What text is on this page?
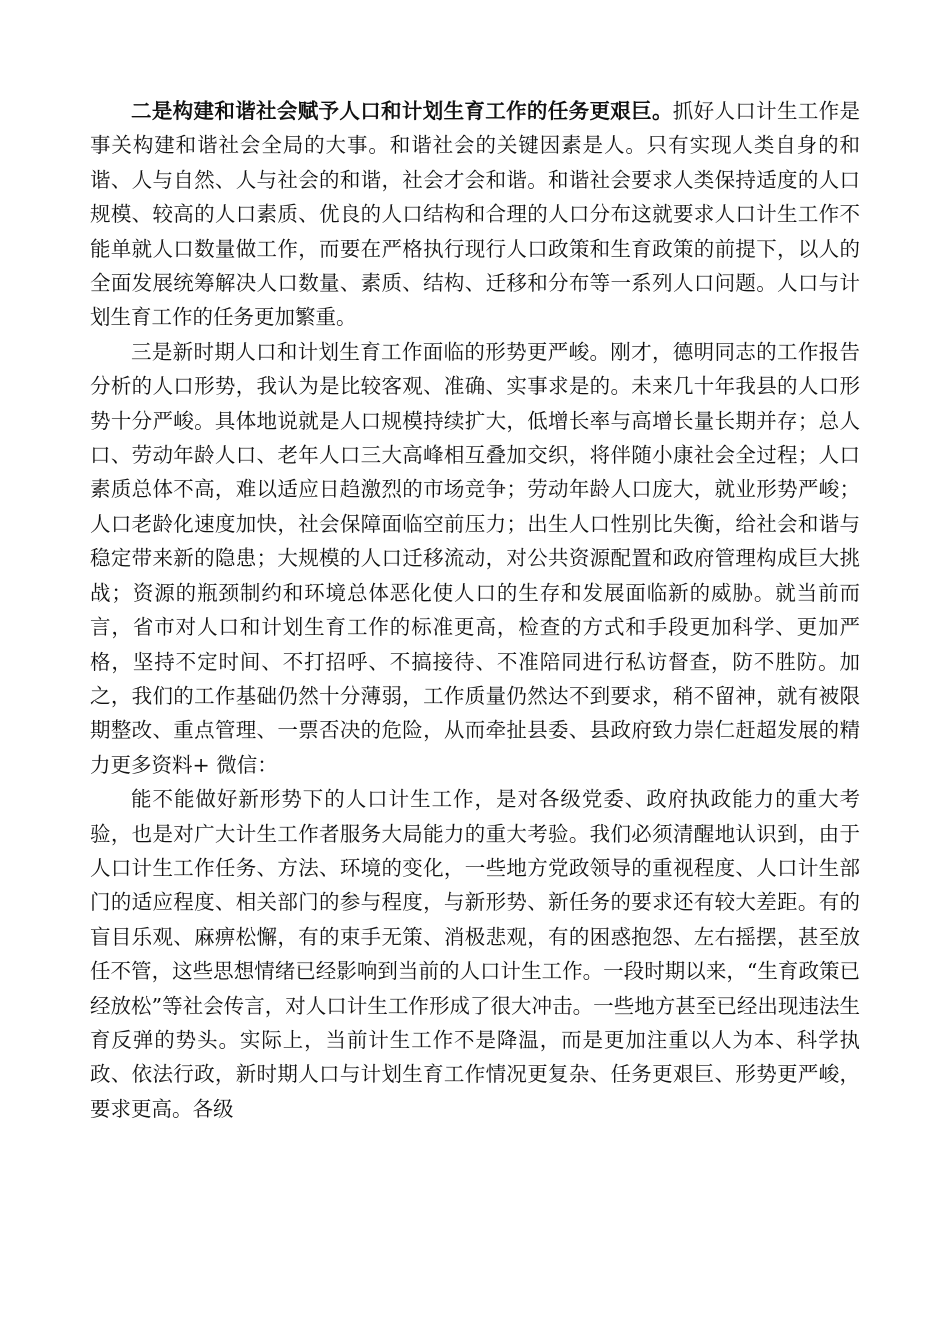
二是构建和谐社会赋予人口和计划生育工作的任务更艰巨。抓好人口计生工作是事关构建和谐社会全局的大事。和谐社会的关键因素是人。只有实现人类自身的和谐、人与自然、人与社会的和谐，社会才会和谐。和谐社会要求人类保持适度的人口规模、较高的人口素质、优良的人口结构和合理的人口分布这就要求人口计生工作不能单就人口数量做工作，而要在严格执行现行人口政策和生育政策的前提下，以人的全面发展统筹解决人口数量、素质、结构、迁移和分布等一系列人口问题。人口与计划生育工作的任务更加繁重。

三是新时期人口和计划生育工作面临的形势更严峻。刚才，德明同志的工作报告分析的人口形势，我认为是比较客观、准确、实事求是的。未来几十年我县的人口形势十分严峻。具体地说就是人口规模持续扩大，低增长率与高增长量长期并存；总人口、劳动年龄人口、老年人口三大高峰相互叠加交织，将伴随小康社会全过程；人口素质总体不高，难以适应日趋激烈的市场竞争；劳动年龄人口庞大，就业形势严峻；人口老龄化速度加快，社会保障面临空前压力；出生人口性别比失衡，给社会和谐与稳定带来新的隐患；大规模的人口迁移流动，对公共资源配置和政府管理构成巨大挑战；资源的瓶颈制约和环境总体恶化使人口的生存和发展面临新的威胁。就当前而言，省市对人口和计划生育工作的标准更高，检查的方式和手段更加科学、更加严格，坚持不定时间、不打招呼、不搞接待、不准陪同进行私访督查，防不胜防。加之，我们的工作基础仍然十分薄弱，工作质量仍然达不到要求，稍不留神，就有被限期整改、重点管理、一票否决的危险，从而牵扯县委、县政府致力崇仁赶超发展的精力更多资料+ 微信：

能不能做好新形势下的人口计生工作，是对各级党委、政府执政能力的重大考验，也是对广大计生工作者服务大局能力的重大考验。我们必须清醒地认识到，由于人口计生工作任务、方法、环境的变化，一些地方党政领导的重视程度、人口计生部门的适应程度、相关部门的参与程度，与新形势、新任务的要求还有较大差距。有的盲目乐观、麻痹松懈，有的束手无策、消极悲观，有的困惑抱怨、左右摇摆，甚至放任不管，这些思想情绪已经影响到当前的人口计生工作。一段时期以来，“生育政策已经放松”等社会传言，对人口计生工作形成了很大冲击。一些地方甚至已经出现违法生育反弹的势头。实际上，当前计生工作不是降温，而是更加注重以人为本、科学执政、依法行政，新时期人口与计划生育工作情况更复杂、任务更艰巨、形势更严峻，要求更高。各级
